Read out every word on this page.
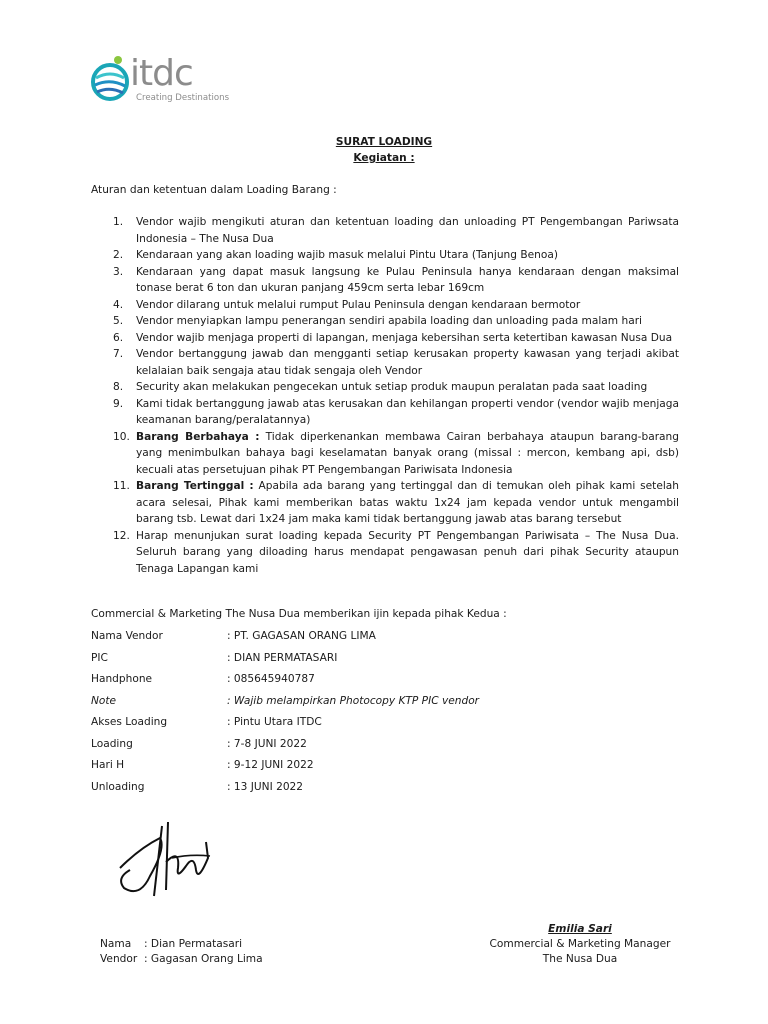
itdc
Creating Destinations
SURAT LOADING
Kegiatan :
Aturan dan ketentuan dalam Loading Barang :
1. Vendor wajib mengikuti aturan dan ketentuan loading dan unloading PT Pengembangan Pariwsata Indonesia – The Nusa Dua
2. Kendaraan yang akan loading wajib masuk melalui Pintu Utara (Tanjung Benoa)
3. Kendaraan yang dapat masuk langsung ke Pulau Peninsula hanya kendaraan dengan maksimal tonase berat 6 ton dan ukuran panjang 459cm serta lebar 169cm
4. Vendor dilarang untuk melalui rumput Pulau Peninsula dengan kendaraan bermotor
5. Vendor menyiapkan lampu penerangan sendiri apabila loading dan unloading pada malam hari
6. Vendor wajib menjaga properti di lapangan, menjaga kebersihan serta ketertiban kawasan Nusa Dua
7. Vendor bertanggung jawab dan mengganti setiap kerusakan property kawasan yang terjadi akibat kelalaian baik sengaja atau tidak sengaja oleh Vendor
8. Security akan melakukan pengecekan untuk setiap produk maupun peralatan pada saat loading
9. Kami tidak bertanggung jawab atas kerusakan dan kehilangan properti vendor (vendor wajib menjaga keamanan barang/peralatannya)
10. Barang Berbahaya : Tidak diperkenankan membawa Cairan berbahaya ataupun barang-barang yang menimbulkan bahaya bagi keselamatan banyak orang (missal : mercon, kembang api, dsb) kecuali atas persetujuan pihak PT Pengembangan Pariwisata Indonesia
11. Barang Tertinggal : Apabila ada barang yang tertinggal dan di temukan oleh pihak kami setelah acara selesai, Pihak kami memberikan batas waktu 1x24 jam kepada vendor untuk mengambil barang tsb. Lewat dari 1x24 jam maka kami tidak bertanggung jawab atas barang tersebut
12. Harap menunjukan surat loading kepada Security PT Pengembangan Pariwisata – The Nusa Dua. Seluruh barang yang diloading harus mendapat pengawasan penuh dari pihak Security ataupun Tenaga Lapangan kami
Commercial & Marketing The Nusa Dua memberikan ijin kepada pihak Kedua :
Nama Vendor	: PT. GAGASAN ORANG LIMA
PIC	: DIAN PERMATASARI
Handphone	: 085645940787
Note	: Wajib melampirkan Photocopy KTP PIC vendor
Akses Loading	: Pintu Utara ITDC
Loading	: 7-8 JUNI 2022
Hari H	: 9-12 JUNI 2022
Unloading	: 13 JUNI 2022
Nama : Dian Permatasari
Vendor : Gagasan Orang Lima
Emilia Sari
Commercial & Marketing Manager
The Nusa Dua
